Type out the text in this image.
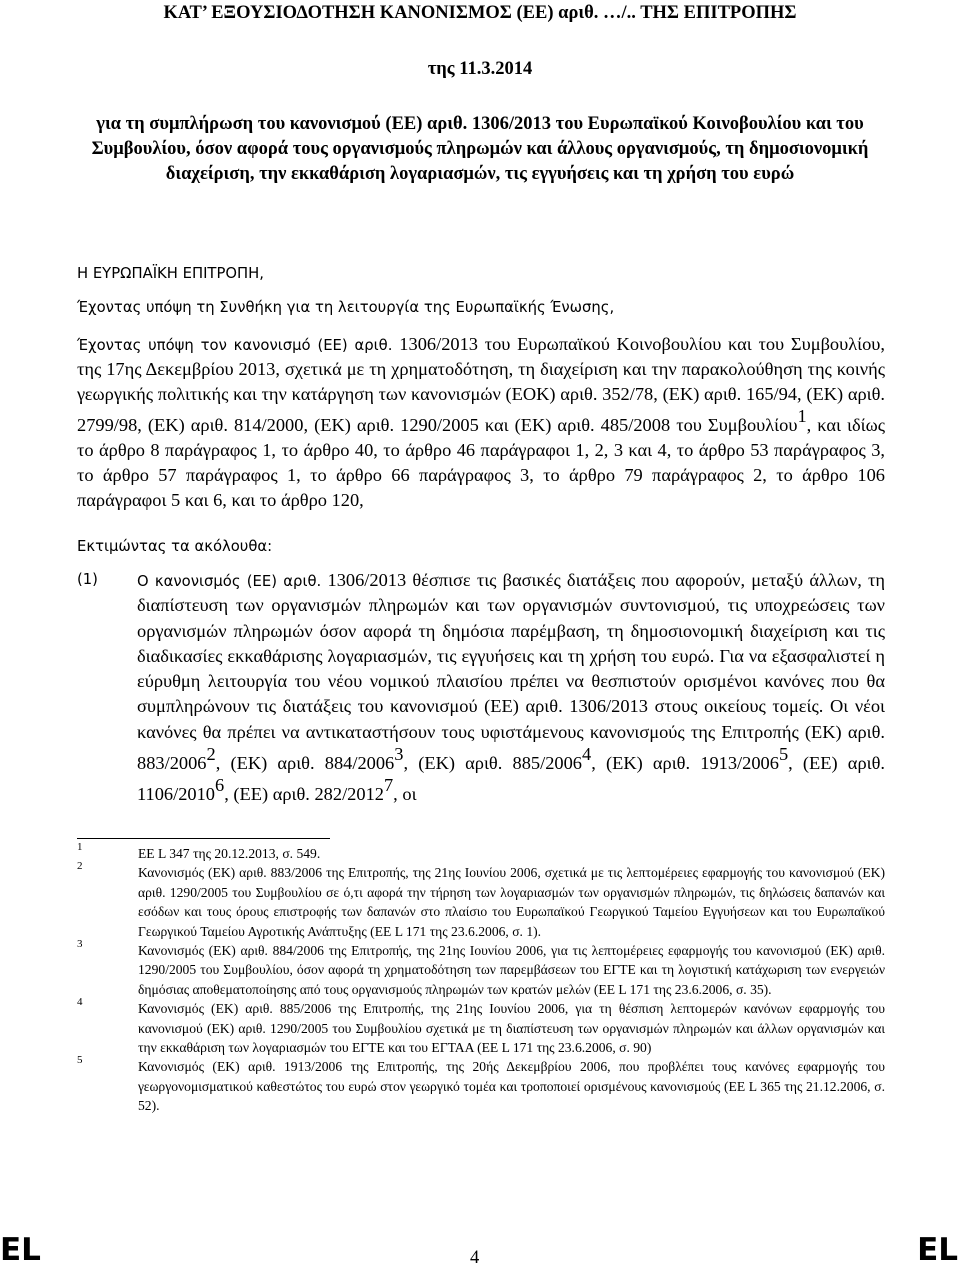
ΚΑΤ’ ΕΞΟΥΣΙΟΔΟΤΗΣΗ ΚΑΝΟΝΙΣΜΟΣ (ΕΕ) αριθ. …/.. ΤΗΣ ΕΠΙΤΡΟΠΗΣ
της 11.3.2014
για τη συμπλήρωση του κανονισμού (ΕΕ) αριθ. 1306/2013 του Ευρωπαϊκού Κοινοβουλίου και του Συμβουλίου, όσον αφορά τους οργανισμούς πληρωμών και άλλους οργανισμούς, τη δημοσιονομική διαχείριση, την εκκαθάριση λογαριασμών, τις εγγυήσεις και τη χρήση του ευρώ
Η ΕΥΡΩΠΑΪΚΗ ΕΠΙΤΡΟΠΗ,
Έχοντας υπόψη τη Συνθήκη για τη λειτουργία της Ευρωπαϊκής Ένωσης,
Έχοντας υπόψη τον κανονισμό (ΕΕ) αριθ. 1306/2013 του Ευρωπαϊκού Κοινοβουλίου και του Συμβουλίου, της 17ης Δεκεμβρίου 2013, σχετικά με τη χρηματοδότηση, τη διαχείριση και την παρακολούθηση της κοινής γεωργικής πολιτικής και την κατάργηση των κανονισμών (ΕΟΚ) αριθ. 352/78, (ΕΚ) αριθ. 165/94, (ΕΚ) αριθ. 2799/98, (ΕΚ) αριθ. 814/2000, (ΕΚ) αριθ. 1290/2005 και (ΕΚ) αριθ. 485/2008 του Συμβουλίου$^1$, και ιδίως το άρθρο 8 παράγραφος 1, το άρθρο 40, το άρθρο 46 παράγραφοι 1, 2, 3 και 4, το άρθρο 53 παράγραφος 3, το άρθρο 57 παράγραφος 1, το άρθρο 66 παράγραφος 3, το άρθρο 79 παράγραφος 2, το άρθρο 106 παράγραφοι 5 και 6, και το άρθρο 120,
Εκτιμώντας τα ακόλουθα:
(1)	Ο κανονισμός (ΕΕ) αριθ. 1306/2013 θέσπισε τις βασικές διατάξεις που αφορούν, μεταξύ άλλων, τη διαπίστευση των οργανισμών πληρωμών και των οργανισμών συντονισμού, τις υποχρεώσεις των οργανισμών πληρωμών όσον αφορά τη δημόσια παρέμβαση, τη δημοσιονομική διαχείριση και τις διαδικασίες εκκαθάρισης λογαριασμών, τις εγγυήσεις και τη χρήση του ευρώ. Για να εξασφαλιστεί η εύρυθμη λειτουργία του νέου νομικού πλαισίου πρέπει να θεσπιστούν ορισμένοι κανόνες που θα συμπληρώνουν τις διατάξεις του κανονισμού (ΕΕ) αριθ. 1306/2013 στους οικείους τομείς. Οι νέοι κανόνες θα πρέπει να αντικαταστήσουν τους υφιστάμενους κανονισμούς της Επιτροπής (ΕΚ) αριθ. 883/2006$^2$, (ΕΚ) αριθ. 884/2006$^3$, (ΕΚ) αριθ. 885/2006$^4$, (ΕΚ) αριθ. 1913/2006$^5$, (ΕΕ) αριθ. 1106/2010$^6$, (ΕΕ) αριθ. 282/2012$^7$, οι
1	ΕΕ L 347 της 20.12.2013, σ. 549.
2	Κανονισμός (ΕΚ) αριθ. 883/2006 της Επιτροπής, της 21ης Ιουνίου 2006, σχετικά με τις λεπτομέρειες εφαρμογής του κανονισμού (ΕΚ) αριθ. 1290/2005 του Συμβουλίου σε ό,τι αφορά την τήρηση των λογαριασμών των οργανισμών πληρωμών, τις δηλώσεις δαπανών και εσόδων και τους όρους επιστροφής των δαπανών στο πλαίσιο του Ευρωπαϊκού Γεωργικού Ταμείου Εγγυήσεων και του Ευρωπαϊκού Γεωργικού Ταμείου Αγροτικής Ανάπτυξης (ΕΕ L 171 της 23.6.2006, σ. 1).
3	Κανονισμός (ΕΚ) αριθ. 884/2006 της Επιτροπής, της 21ης Ιουνίου 2006, για τις λεπτομέρειες εφαρμογής του κανονισμού (ΕΚ) αριθ. 1290/2005 του Συμβουλίου, όσον αφορά τη χρηματοδότηση των παρεμβάσεων του ΕΓΤΕ και τη λογιστική κατάχωριση των ενεργειών δημόσιας αποθεματοποίησης από τους οργανισμούς πληρωμών των κρατών μελών (ΕΕ L 171 της 23.6.2006, σ. 35).
4	Κανονισμός (ΕΚ) αριθ. 885/2006 της Επιτροπής, της 21ης Ιουνίου 2006, για τη θέσπιση λεπτομερών κανόνων εφαρμογής του κανονισμού (ΕΚ) αριθ. 1290/2005 του Συμβουλίου σχετικά με τη διαπίστευση των οργανισμών πληρωμών και άλλων οργανισμών και την εκκαθάριση των λογαριασμών του ΕΓΤΕ και του ΕΓΤΑΑ (ΕΕ L 171 της 23.6.2006, σ. 90)
5	Κανονισμός (ΕΚ) αριθ. 1913/2006 της Επιτροπής, της 20ής Δεκεμβρίου 2006, που προβλέπει τους κανόνες εφαρμογής του γεωργονομισματικού καθεστώτος του ευρώ στον γεωργικό τομέα και τροποποιεί ορισμένους κανονισμούς (ΕΕ L 365 της 21.12.2006, σ. 52).
EL	4	EL
